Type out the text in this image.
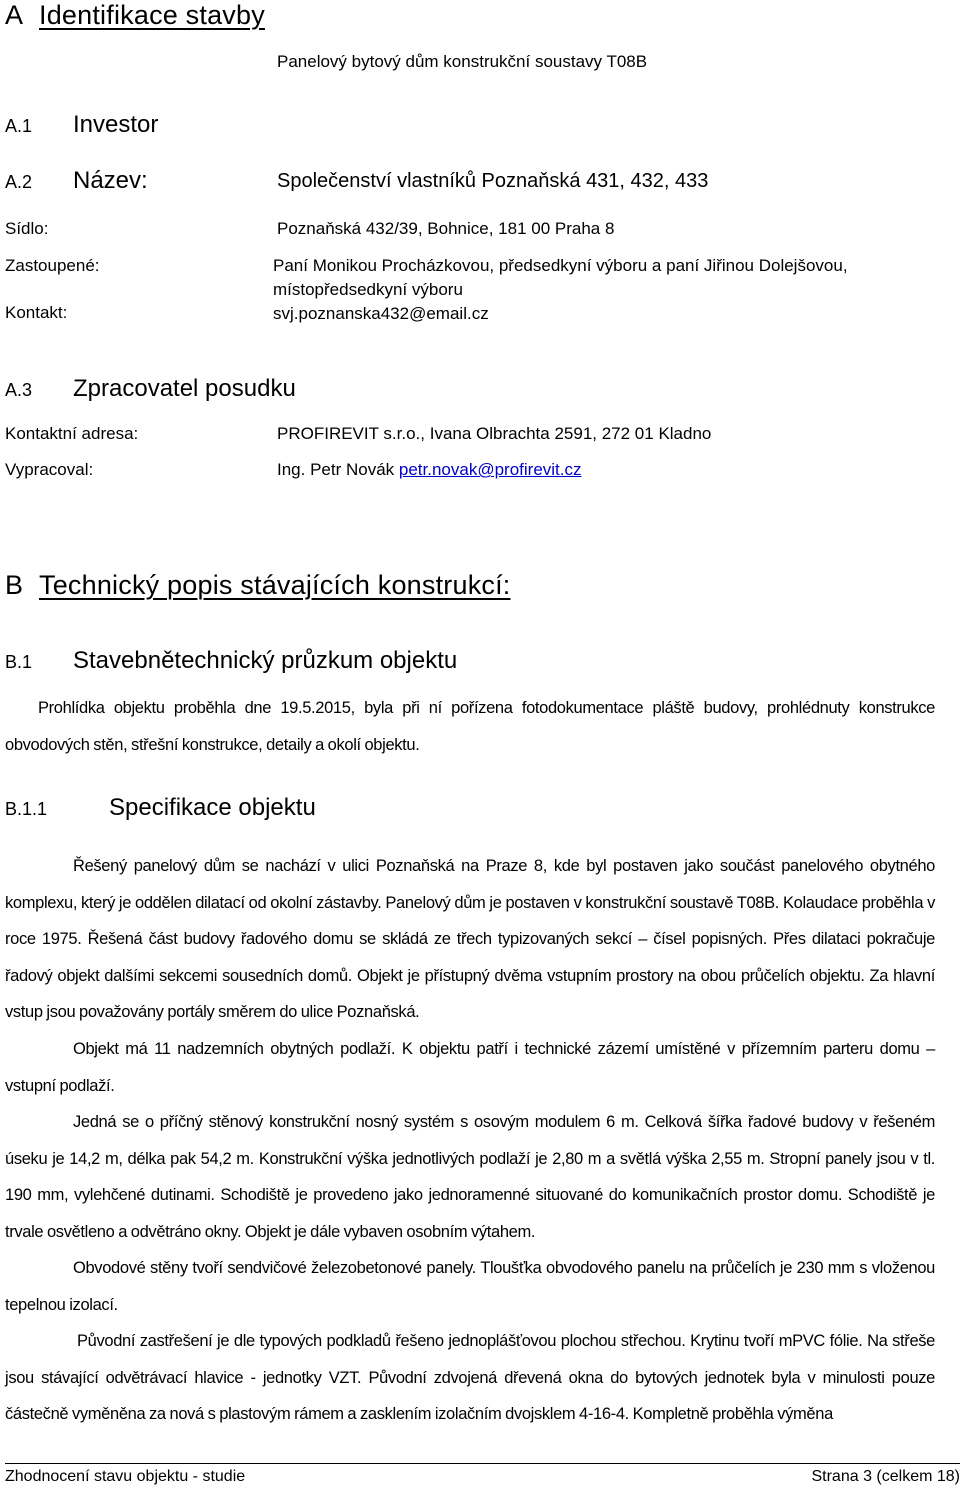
A Identifikace stavby
Panelový bytový dům konstrukční soustavy T08B
A.1 Investor
A.2 Název:	Společenství vlastníků Poznaňská 431, 432, 433
Sídlo:	Poznaňská 432/39, Bohnice, 181 00 Praha 8
Zastoupené:	Paní Monikou Procházkovou, předsedkyní výboru a paní Jiřinou Dolejšovou,
místopředsedkyní výboru
Kontakt:	svj.poznanska432@email.cz
A.3 Zpracovatel posudku
Kontaktní adresa:	PROFIREVIT s.r.o., Ivana Olbrachta 2591, 272 01 Kladno
Vypracoval:	Ing. Petr Novák petr.novak@profirevit.cz
B Technický popis stávajících konstrukcí:
B.1 Stavebnětechnický průzkum objektu
Prohlídka objektu proběhla dne 19.5.2015, byla při ní pořízena fotodokumentace pláště budovy, prohlédnuty konstrukce obvodových stěn, střešní konstrukce, detaily a okolí objektu.
B.1.1	Specifikace objektu
Řešený panelový dům se nachází v ulici Poznaňská na Praze 8, kde byl postaven jako součást panelového obytného komplexu, který je oddělen dilatací od okolní zástavby. Panelový dům je postaven v konstrukční soustavě T08B. Kolaudace proběhla v roce 1975. Řešená část budovy řadového domu se skládá ze třech typizovaných sekcí – čísel popisných. Přes dilataci pokračuje řadový objekt dalšími sekcemi sousedních domů. Objekt je přístupný dvěma vstupním prostory na obou průčelích objektu. Za hlavní vstup jsou považovány portály směrem do ulice Poznaňská.
Objekt má 11 nadzemních obytných podlaží. K objektu patří i technické zázemí umístěné v přízemním parteru domu – vstupní podlaží.
Jedná se o příčný stěnový konstrukční nosný systém s osovým modulem 6 m. Celková šířka řadové budovy v řešeném úseku je 14,2 m, délka pak 54,2 m. Konstrukční výška jednotlivých podlaží je 2,80 m a světlá výška 2,55 m. Stropní panely jsou v tl. 190 mm, vylehčené dutinami. Schodiště je provedeno jako jednoramenné situované do komunikačních prostor domu. Schodiště je trvale osvětleno a odvětráno okny. Objekt je dále vybaven osobním výtahem.
Obvodové stěny tvoří sendvičové železobetonové panely. Tloušťka obvodového panelu na průčelích je 230 mm s vloženou tepelnou izolací.
Původní zastřešení je dle typových podkladů řešeno jednoplášťovou plochou střechou. Krytinu tvoří mPVC fólie. Na střeše jsou stávající odvětrávací hlavice - jednotky VZT. Původní zdvojená dřevená okna do bytových jednotek byla v minulosti pouze částečně vyměněna za nová s plastovým rámem a zasklením izolačním dvojsklem 4-16-4. Kompletně proběhla výměna
Zhodnocení stavu objektu - studie	Strana 3 (celkem 18)
